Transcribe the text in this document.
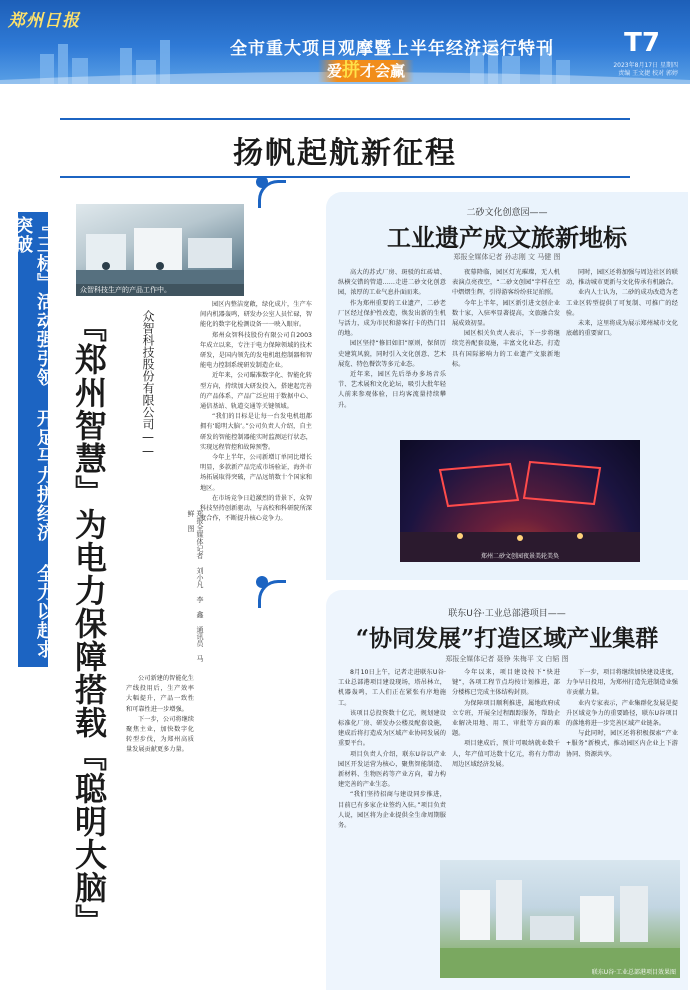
郑州日报
全市重大项目观摩暨上半年经济运行特刊
爱拼才会赢
T7
2023年8月17日 星期四
责编 王文捷 校对 郭婷
扬帆起航新征程
『三标』活动强引领 开足马力拼经济 全力以赴求突破
众智科技生产的产品工作中。
『郑州智慧』为电力保障搭载『聪明大脑』	众智科技股份有限公司——
郑报全媒体记者 刘小凡 李 鑫 通讯员 马 鲜 图
园区内整洁宽敞，绿化成片，生产车间内机器轰鸣，研发办公室人员忙碌，智能化的数字化检测设备一一映入眼帘。
郑州众智科技股份有限公司自2003年成立以来，专注于电力保障领域的技术研发，是国内领先的发电机组控制器和智能电力控制系统研发制造企业。
近年来，公司瞄准数字化、智能化转型方向，持续加大研发投入，搭建起完善的产品体系，产品广泛应用于数据中心、通信基站、轨道交通等关键领域。
“我们的目标是让每一台发电机组都拥有‘聪明大脑’。”公司负责人介绍，自主研发的智能控制器能实时监测运行状态，实现远程管控和故障预警。
今年上半年，公司新增订单同比增长明显，多款新产品完成市场验证，海外市场拓展取得突破，产品远销数十个国家和地区。
在市场竞争日趋激烈的背景下，众智科技坚持创新驱动，与高校和科研院所深度合作，不断提升核心竞争力。
公司新建的智能化生产线投用后，生产效率大幅提升，产品一致性和可靠性进一步增强。
下一步，公司将继续聚焦主业，加快数字化转型步伐，为郑州高质量发展贡献更多力量。
二砂文化创意园——
工业遗产成文旅新地标
郑报全媒体记者 孙志刚 文 马健 图
高大的苏式厂房、斑驳的红砖墙、纵横交错的管道……走进二砂文化创意园，浓厚的工业气息扑面而来。
作为郑州重要的工业遗产，二砂老厂区经过保护性改造，焕发出新的生机与活力，成为市民和游客打卡的热门目的地。
园区坚持“修旧如旧”原则，保留历史建筑风貌，同时引入文化创意、艺术展览、特色餐饮等多元业态。
近年来，园区先后举办多场音乐节、艺术展和文化论坛，吸引大批年轻人前来参观体验，日均客流量持续攀升。
夜幕降临，园区灯光璀璨，无人机表演点亮夜空，“二砂文创园”字样在空中熠熠生辉，引得游客纷纷驻足拍照。
今年上半年，园区新引进文创企业数十家，入驻率显著提高，文旅融合发展成效初显。
园区相关负责人表示，下一步将继续完善配套设施，丰富文化业态，打造具有国际影响力的工业遗产文旅新地标。
同时，园区还将加强与周边社区的联动，推动城市更新与文化传承有机融合。
业内人士认为，二砂的成功改造为老工业区转型提供了可复制、可推广的经验。
未来，这里将成为展示郑州城市文化底蕴的重要窗口。
郑州二砂文创园夜景美轮美奂
联东U谷·工业总部港项目——
“协同发展”打造区域产业集群
郑报全媒体记者 聂铮 朱梅平 文 白韬 图
8月10日上午，记者走进联东U谷·工业总部港项目建设现场，塔吊林立，机器轰鸣，工人们正在紧张有序地施工。
该项目总投资数十亿元，规划建设标准化厂房、研发办公楼及配套设施，建成后将打造成为区域产业协同发展的重要平台。
项目负责人介绍，联东U谷以产业园区开发运营为核心，聚焦智能制造、新材料、生物医药等产业方向，着力构建完善的产业生态。
“我们坚持招商与建设同步推进，目前已有多家企业签约入驻。”项目负责人说，园区将为企业提供全生命周期服务。
今年以来，项目建设按下“快进键”，各项工程节点均按计划推进，部分楼栋已完成主体结构封顶。
为保障项目顺利推进，属地政府成立专班，开展全过程跟踪服务，帮助企业解决用地、用工、审批等方面的难题。
项目建成后，预计可吸纳就业数千人，年产值可达数十亿元，将有力带动周边区域经济发展。
下一步，项目将继续加快建设进度，力争早日投用，为郑州打造先进制造业强市贡献力量。
业内专家表示，产业集群化发展是提升区域竞争力的重要路径，联东U谷项目的落地将进一步完善区域产业链条。
与此同时，园区还将积极探索“产业+服务”新模式，推动园区内企业上下游协同、资源共享。
联东U谷·工业总部港项目效果图
